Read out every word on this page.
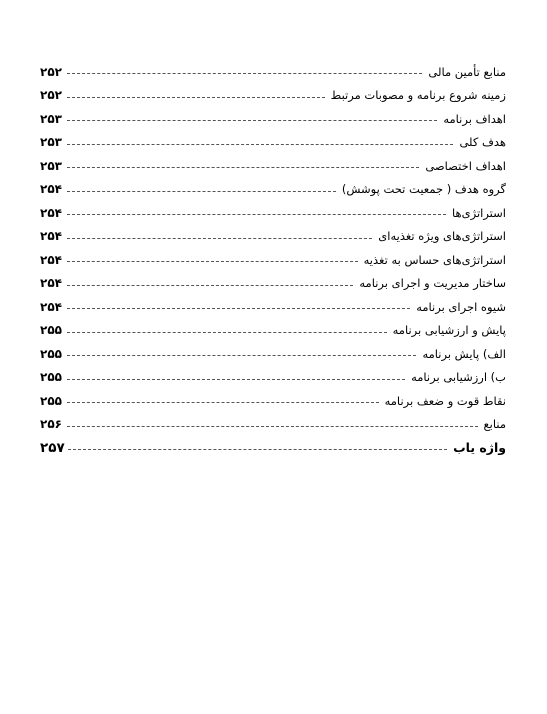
منابع تأمین مالی
۲۵۲
زمینه شروع برنامه و مصوبات مرتبط
۲۵۲
اهداف برنامه
۲۵۳
هدف کلی
۲۵۳
اهداف اختصاصی
۲۵۳
گروه هدف ( جمعیت تحت پوشش)
۲۵۴
استراتژی‌ها
۲۵۴
استراتژی‌های ویژه تغذیه‌ای
۲۵۴
استراتژی‌های حساس به تغذیه
۲۵۴
ساختار مدیریت و اجرای برنامه
۲۵۴
شیوه اجرای برنامه
۲۵۴
پایش و ارزشیابی برنامه
۲۵۵
الف) پایش برنامه
۲۵۵
ب) ارزشیابی برنامه
۲۵۵
نقاط قوت و ضعف برنامه
۲۵۵
منابع
۲۵۶
واژه یاب
۲۵۷
